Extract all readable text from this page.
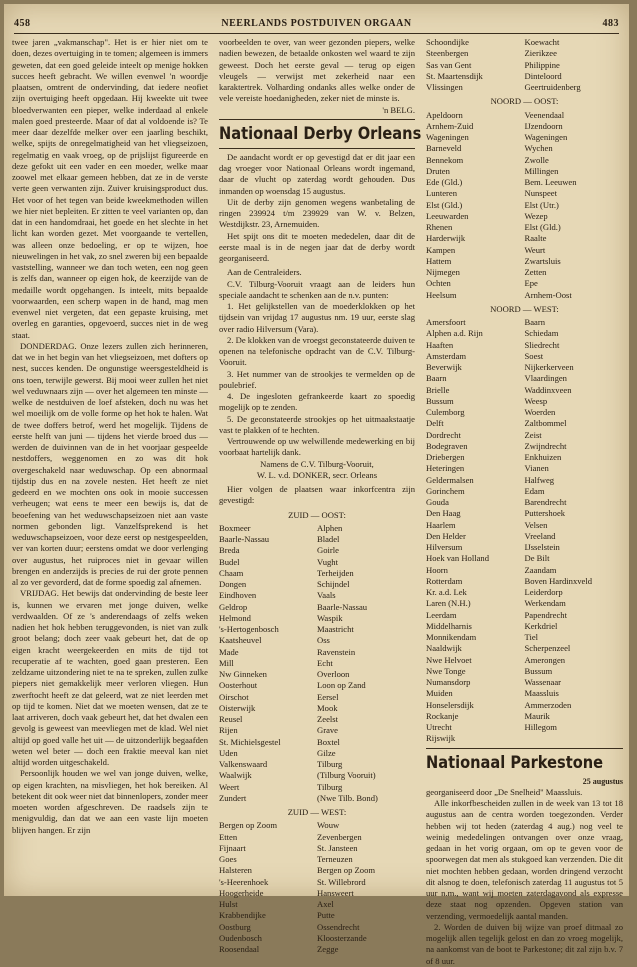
458	NEERLANDS POSTDUIVEN ORGAAN	483

twee jaren „vakmanschap". Het is er hier niet om te doen, dezes overtuiging in te tomen; algemeen is immers geweten, dat een goed geleide inteelt op menige hokken succes heeft gebracht. We willen evenwel 'n woordje plaatsen, omtrent de ondervinding, dat iedere neofiet zijn overtuiging heeft opgedaan. Hij kweekte uit twee bloedverwanten een pieper, welke inderdaad al enkele malen goed presteerde. Maar of dat al voldoende is? Te meer daar dezelfde melker over een jaarling beschikt, welke, spijts de onregelmatigheid van het vliegseizoen, regelmatig en vaak vroeg, op de prijslijst figureerde en deze gefokt uit een vader en een moeder, welke maar zoowel met elkaar gemeen hebben, dat ze in de verste verte geen verwanten zijn. Zuiver kruisingsproduct dus. Het voor of het tegen van beide kweekmethoden willen we hier niet bepleiten. Er zitten te veel varianten op, dan dat in een handomdraai, het goede en het slechte in het licht kan worden gezet. Met voorgaande te vertellen, was alleen onze bedoeling, er op te wijzen, hoe nieuwelingen in het vak, zo snel zweren bij een bepaalde vaststelling, wanneer we dan toch weten, een nog geen is zelfs dan, wanneer op eigen hok, de keerzijde van de medaille wordt opgehangen. Is inteelt, mits bepaalde voorwaarden, een scherp wapen in de hand, mag men evenwel niet vergeten, dat een gepaste kruising, met overleg en garanties, opgevoerd, succes niet in de weg staat.

DONDERDAG. Onze lezers zullen zich herinneren, dat we in het begin van het vliegseizoen, met dofters op nest, succes kenden. De ongunstige weersgesteldheid is ons toen, terwijle gewerst. Bij mooi weer zullen het niet wel veduwnaars zijn — over het algemeen ten minste — welke de nestduiven de loef afsteken, doch nu was het wel moeilijk om de volle forme op het hok te halen. Wat de twee doffers betrof, werd het mogelijk. Tijdens de eerste helft van juni — tijdens het vierde broed dus — werden de duivinnen van de in het voorjaar gespeelde nestdoffers, weggenomen en zo was dit hok overgeschakeld naar weduwschap. Op een abnormaal tijdstip dus en na zovele nesten. Het heeft ze niet gedeerd en we mochten ons ook in mooie successen verheugen; wat eens te meer een bewijs is, dat de beoefening van het weduwschapseizoen niet aan vaste normen gebonden ligt. Vanzelfsprekend is het weduwschapseizoen, voor deze eerst op nestgespeelden, ver van korten duur; eerstens omdat we door verlenging over augustus, het ruiproces niet in gevaar willen brengen en anderzijds is precies de rui der grote pennen al zo ver gevorderd, dat de forme spoedig zal afnemen.

VRIJDAG. Het bewijs dat ondervinding de beste leer is, kunnen we ervaren met jonge duiven, welke verdwaalden. Of ze 's anderendaags of zelfs weken nadien het hok hebben teruggevonden, is niet van zulk groot belang; doch zeer vaak gebeurt het, dat de op eigen kracht weergekeerden en mits de tijd tot recuperatie af te wachten, goed gaan presteren. Een zeldzame uitzondering niet te na te spreken, zullen zulke piepers niet gemakkelijk meer verloren vliegen. Hun zwerftocht heeft ze dat geleerd, wat ze niet leerden met op tijd te komen. Niet dat we moeten wensen, dat ze te laat arriveren, doch vaak gebeurt het, dat het dwalen een gevolg is geweest van meevliegen met de klad. Wel niet altijd op goed valle het uit — de uitzonderlijk begaafden weten wel beter — doch een fraktie meeval kan niet altijd worden uitgeschakeld.

Persoonlijk houden we wel van jonge duiven, welke, op eigen krachten, na misvliegen, het hok bereiken. Al betekent dit ook weer niet dat binnenlopers, zonder meer moeten worden afgeschreven. De raadsels zijn te menigvuldig, dan dat we aan een vaste lijn moeten blijven hangen. Er zijn

voorbeelden te over, van weer gezonden piepers, welke nadien bewezen, de betaalde onkosten wel waard te zijn geweest. Doch het eerste geval — terug op eigen vleugels — verwijst met zekerheid naar een karaktertrek. Volharding ondanks alles welke onder de vele vereiste hoedanigheden, zeker niet de minste is.

'n BELG.

Nationaal Derby Orleans

De aandacht wordt er op gevestigd dat er dit jaar een dag vroeger voor Nationaal Orleans wordt ingemand, daar de vlucht op zaterdag wordt gehouden. Dus inmanden op woensdag 15 augustus.

Uit de derby zijn genomen wegens wanbetaling de ringen 239924 t/m 239929 van W. v. Belzen, Westdijkstr. 23, Arnemuiden.

Het spijt ons dit te moeten mededelen, daar dit de eerste maal is in de negen jaar dat de derby wordt georganiseerd.

Aan de Centraleiders.

C.V. Tilburg-Vooruit vraagt aan de leiders hun speciale aandacht te schenken aan de n.v. punten:

1. Het gelijkstellen van de moederklokken op het tijdsein van vrijdag 17 augustus nm. 19 uur, eerste slag over radio Hilversum (Vara).

2. De klokken van de vroegst geconstateerde duiven te openen na telefonische opdracht van de C.V. Tilburg-Vooruit.

3. Het nummer van de strookjes te vermelden op de poulebrief.

4. De ingesloten gefrankeerde kaart zo spoedig mogelijk op te zenden.

5. De geconstateerde strookjes op het uitmaakstaatje vast te plakken of te hechten.

Vertrouwende op uw welwillende medewerking en bij voorbaat hartelijk dank.

Namens de C.V. Tilburg-Vooruit,

W. L. v.d. DONKER, secr. Orleans

Hier volgen de plaatsen waar inkorfcentra zijn gevestigd:

ZUID — OOST:
Boxmeer	Alphen
Baarle-Nassau	Bladel
Breda	Goirle
Budel	Vught
Chaam	Terheijden
Dongen	Schijndel
Eindhoven	Vaals
Geldrop	Baarle-Nassau
Helmond	Waspik
's-Hertogenbosch	Maastricht
Kaatsheuvel	Oss
Made	Ravenstein
Mill	Echt
Nw Ginneken	Overloon
Oosterhout	Loon op Zand
Oirschot	Eersel
Oisterwijk	Mook
Reusel	Zeelst
Rijen	Grave
St. Michielsgestel	Boxtel
Uden	Gilze
Valkenswaard	Tilburg
Waalwijk	(Tilburg Vooruit)
Weert	Tilburg
Zundert	(Nwe Tilb. Bond)
ZUID — WEST:
Bergen op Zoom	Wouw
Etten	Zevenbergen
Fijnaart	St. Jansteen
Goes	Terneuzen
Halsteren	Bergen op Zoom
's-Heerenhoek	St. Willebrord
Hoogerheide	Hansweert
Hulst	Axel
Krabbendijke	Putte
Oostburg	Ossendrecht
Oudenbosch	Kloosterzande
Roosendaal	Zegge
Schoondijke	Koewacht
Steenbergen	Zierikzee
Sas van Gent	Philippine
St. Maartensdijk	Dinteloord
Vlissingen	Geertruidenberg
NOORD — OOST:
Apeldoorn	Veenendaal
Arnhem-Zuid	IJzendoorn
Wageningen	Wageningen
Barneveld	Wychen
Bennekom	Zwolle
Druten	Millingen
Ede (Gld.)	Bem. Leeuwen
Lunteren	Nunspeet
Elst (Gld.)	Elst (Utr.)
Leeuwarden	Wezep
Rhenen	Elst (Gld.)
Harderwijk	Raalte
Kampen	Weurt
Hattem	Zwartsluis
Nijmegen	Zetten
Ochten	Epe
Heelsum	Arnhem-Oost
NOORD — WEST:
Amersfoort	Baarn
Alphen a.d. Rijn	Schiedam
Haaften	Sliedrecht
Amsterdam	Soest
Beverwijk	Nijkerkerveen
Baarn	Vlaardingen
Brielle	Waddinxveen
Bussum	Weesp
Culemborg	Woerden
Delft	Zaltbommel
Dordrecht	Zeist
Bodegraven	Zwijndrecht
Driebergen	Enkhuizen
Heteringen	Vianen
Geldermalsen	Halfweg
Gorinchem	Edam
Gouda	Barendrecht
Den Haag	Puttershoek
Haarlem	Velsen
Den Helder	Vreeland
Hilversum	IJsselstein
Hoek van Holland	De Bilt
Hoorn	Zaandam
Rotterdam	Boven Hardinxveld
Kr. a.d. Lek	Leiderdorp
Laren (N.H.)	Werkendam
Leerdam	Papendrecht
Middelharnis	Kerkdriel
Monnikendam	Tiel
Naaldwijk	Scherpenzeel
Nwe Helvoet	Amerongen
Nwe Tonge	Bussum
Numansdorp	Wassenaar
Muiden	Maassluis
Honselersdijk	Ammerzoden
Rockanje	Maurik
Utrecht	Hillegom
Rijswijk
Nationaal Parkestone
25 augustus

georganiseerd door „De Snelheid" Maassluis.

Alle inkorfbescheiden zullen in de week van 13 tot 18 augustus aan de centra worden toegezonden. Verder hebben wij tot heden (zaterdag 4 aug.) nog veel te weinig mededelingen ontvangen over onze vraag, gedaan in het vorig orgaan, om op te geven voor de spoorwegen dat men als stukgoed kan verzenden. Die dit niet mochten hebben gedaan, worden dringend verzocht dit alsnog te doen, telefonisch zaterdag 11 augustus tot 5 uur n.m., want wij moeten zaterdagavond als expresse deze staat nog opzenden. Opgeven station van verzending, vermoedelijk aantal manden.

2. Worden de duiven bij wijze van proef ditmaal zo mogelijk allen tegelijk gelost en dan zo vroeg mogelijk, na aankomst van de boot te Parkestone; dit zal zijn b.v. 7 of 8 uur.
